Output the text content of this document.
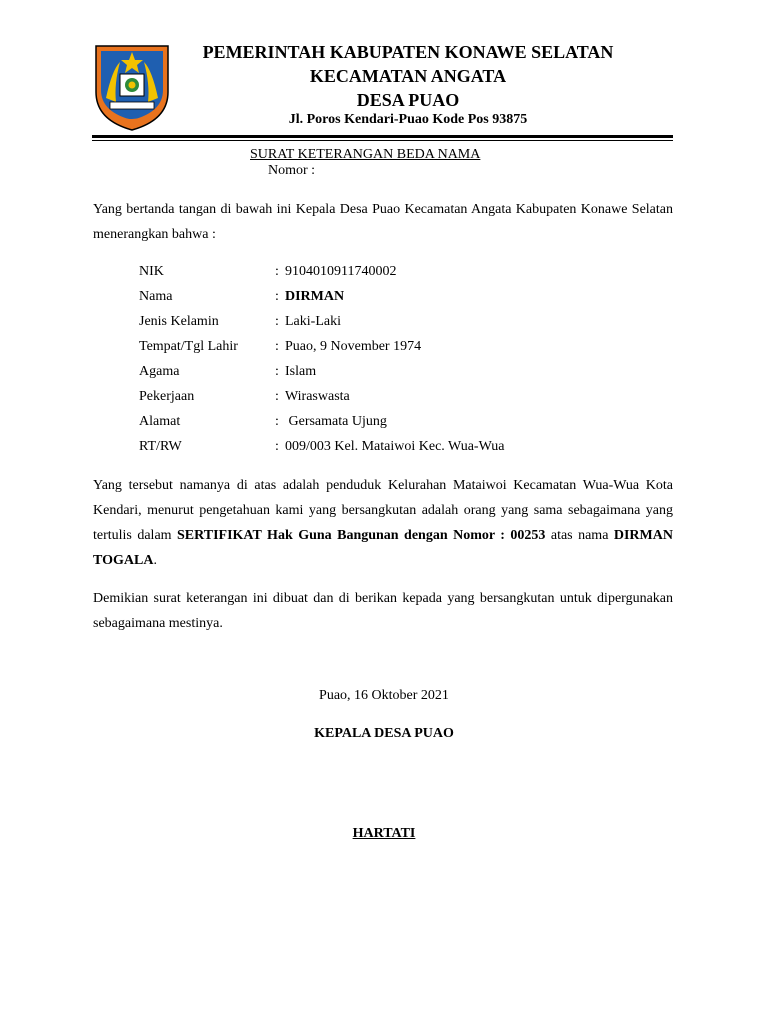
PEMERINTAH KABUPATEN KONAWE SELATAN
KECAMATAN ANGATA
DESA PUAO
Jl. Poros Kendari-Puao Kode Pos 93875
SURAT KETERANGAN BEDA NAMA
Nomor :
Yang bertanda tangan di bawah ini Kepala Desa Puao Kecamatan Angata Kabupaten Konawe Selatan menerangkan bahwa :
NIK	: 9104010911740002
Nama	: DIRMAN
Jenis Kelamin	: Laki-Laki
Tempat/Tgl Lahir	: Puao, 9 November 1974
Agama	: Islam
Pekerjaan	: Wiraswasta
Alamat	: Gersamata Ujung
RT/RW	: 009/003 Kel. Mataiwoi Kec. Wua-Wua
Yang tersebut namanya di atas adalah penduduk Kelurahan Mataiwoi Kecamatan Wua-Wua Kota Kendari, menurut pengetahuan kami yang bersangkutan adalah orang yang sama sebagaimana yang tertulis dalam SERTIFIKAT Hak Guna Bangunan dengan Nomor : 00253 atas nama DIRMAN TOGALA.
Demikian surat keterangan ini dibuat dan di berikan kepada yang bersangkutan untuk dipergunakan sebagaimana mestinya.
Puao, 16 Oktober 2021
KEPALA DESA PUAO
HARTATI
